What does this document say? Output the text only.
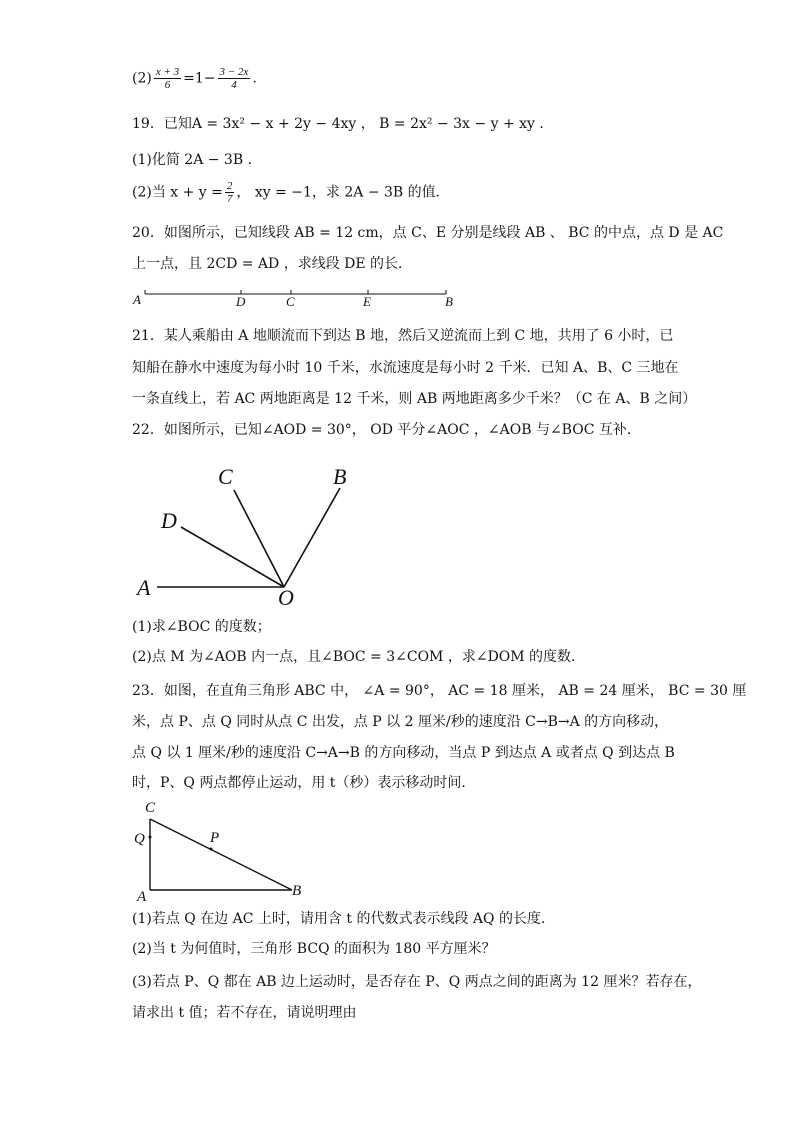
$(2) \frac{x + 3}{6} =1- \frac{3 - 2x}{4}$ .
19．已知A = 3x² − x + 2y − 4xy ， B = 2x² − 3x − y + xy ．
(1)化简 2A − 3B ．
(2)当 $x + y = \frac{2}{7}$ ， xy = −1，求 2A − 3B 的值．
20．如图所示，已知线段 AB = 12 cm，点 C、E 分别是线段 AB 、 BC 的中点，点 D 是 AC
上一点，且 2CD = AD ，求线段 DE 的长．
A	D	C	E	B
21．某人乘船由 A 地顺流而下到达 B 地，然后又逆流而上到 C 地，共用了 6 小时，已
知船在静水中速度为每小时 10 千米，水流速度是每小时 2 千米．已知 A、B、C 三地在
一条直线上，若 AC 两地距离是 12 千米，则 AB 两地距离多少千米？（C 在 A、B 之间）
22．如图所示，已知∠AOD = 30°， OD 平分∠AOC ，∠AOB 与∠BOC 互补．
A
D
C	B
O
(1)求∠BOC 的度数；
(2)点 M 为∠AOB 内一点，且∠BOC = 3∠COM ，求∠DOM 的度数．
23．如图，在直角三角形 ABC 中， ∠A = 90°， AC = 18 厘米， AB = 24 厘米， BC = 30 厘
米，点 P、点 Q 同时从点 C 出发，点 P 以 2 厘米/秒的速度沿 C→B→A 的方向移动，
点 Q 以 1 厘米/秒的速度沿 C→A→B 的方向移动，当点 P 到达点 A 或者点 Q 到达点 B
时，P、Q 两点都停止运动，用 t（秒）表示移动时间．
C
Q	P
A	B
(1)若点 Q 在边 AC 上时，请用含 t 的代数式表示线段 AQ 的长度．
(2)当 t 为何值时，三角形 BCQ 的面积为 180 平方厘米？
(3)若点 P、Q 都在 AB 边上运动时，是否存在 P、Q 两点之间的距离为 12 厘米？若存在，
请求出 t 值；若不存在，请说明理由
